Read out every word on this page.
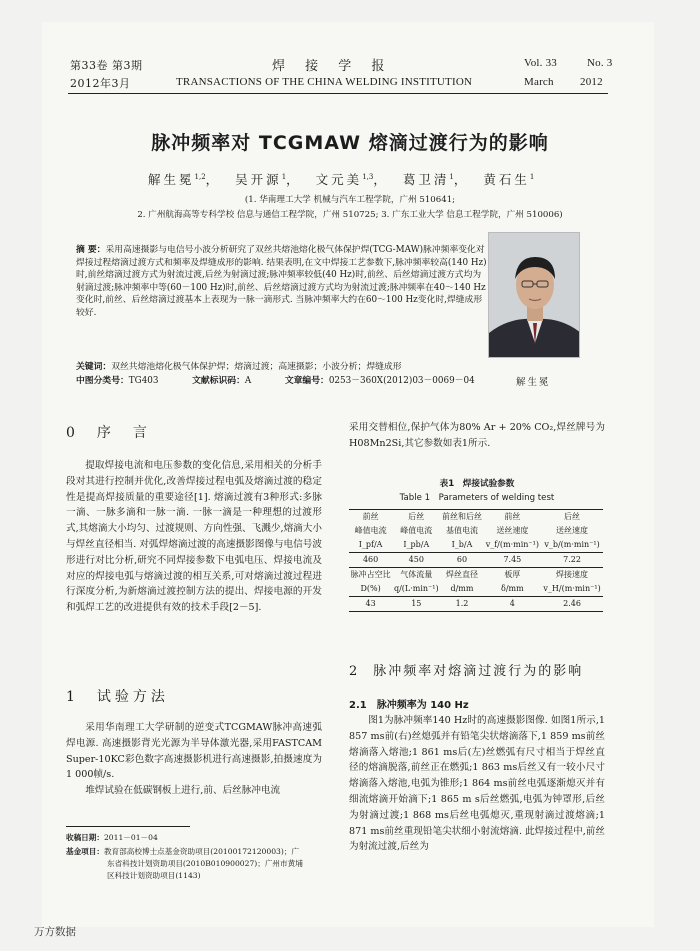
第33卷 第3期
2012年3月
焊 接 学 报
TRANSACTIONS OF THE CHINA WELDING INSTITUTION
Vol. 33	No. 3
March 2012
脉冲频率对 TCGMAW 熔滴过渡行为的影响
解生冕$^{1,2}$， 吴开源$^1$， 文元美$^{1,3}$， 葛卫清$^1$， 黄石生$^1$
(1. 华南理工大学 机械与汽车工程学院，广州 510641;
2. 广州航海高等专科学校 信息与通信工程学院，广州 510725; 3. 广东工业大学 信息工程学院，广州 510006)
摘 要：采用高速摄影与电信号小波分析研究了双丝共熔池熔化极气体保护焊(TCG-MAW)脉冲频率变化对焊接过程熔滴过渡方式和频率及焊缝成形的影响. 结果表明,在文中焊接工艺参数下,脉冲频率较高(140 Hz)时,前丝熔滴过渡方式为射流过渡,后丝为射滴过渡;脉冲频率较低(40 Hz)时,前丝、后丝熔滴过渡方式均为射滴过渡;脉冲频率中等(60－100 Hz)时,前丝、后丝熔滴过渡方式均为射流过渡;脉冲频率在40～140 Hz变化时,前丝、后丝熔滴过渡基本上表现为一脉一滴形式. 当脉冲频率大约在60～100 Hz变化时,焊缝成形较好.
关键词：双丝共熔池熔化极气体保护焊；熔滴过渡；高速摄影；小波分析；焊缝成形
中图分类号：TG403	文献标识码：A	文章编号：0253－360X(2012)03－0069－04	解生冕
0 序　言

提取焊接电流和电压参数的变化信息,采用相关的分析手段对其进行控制并优化,改善焊接过程电弧及熔滴过渡的稳定性是提高焊接质量的重要途径[1]. 熔滴过渡有3种形式:多脉一滴、一脉多滴和一脉一滴. 一脉一滴是一种理想的过渡形式,其熔滴大小均匀、过渡规则、方向性强、飞溅少,熔滴大小与焊丝直径相当. 对弧焊熔滴过渡的高速摄影图像与电信号波形进行对比分析,研究不同焊接参数下电弧电压、焊接电流及对应的焊接电弧与熔滴过渡的相互关系,可对熔滴过渡过程进行深度分析,为新熔滴过渡控制方法的提出、焊接电源的开发和弧焊工艺的改进提供有效的技术手段[2－5].

1 试验方法

采用华南理工大学研制的逆变式TCGMAW脉冲高速弧焊电源. 高速摄影背光光源为半导体激光器,采用FASTCAM Super-10KC彩色数字高速摄影机进行高速摄影,拍摄速度为1 000帧/s.

堆焊试验在低碳钢板上进行,前、后丝脉冲电流

收稿日期：2011－01－04
基金项目：教育部高校博士点基金资助项目(20100172120003)；广
东省科技计划资助项目(2010B010900027)；广州市黄埔
区科技计划资助项目(1143)

采用交替相位,保护气体为80% Ar + 20% CO₂,焊丝牌号为H08Mn2Si,其它参数如表1所示.

表1　焊接试验参数
Table 1　Parameters of welding test
前丝	后丝	前丝和后丝	前丝	后丝
峰值电流	峰值电流	基值电流	送丝速度	送丝速度
I_pf/A	I_pb/A	I_b/A	v_f/(m·min⁻¹)	v_b/(m·min⁻¹)
460	450	60	7.45	7.22
脉冲占空比	气体流量	焊丝直径	板厚	焊接速度
D(%)	q/(L·min⁻¹)	d/mm	δ/mm	v_H/(m·min⁻¹)
43	15	1.2	4	2.46
2 脉冲频率对熔滴过渡行为的影响
2.1　脉冲频率为 140 Hz

图1为脉冲频率140 Hz时的高速摄影图像. 如图1所示,1 857 ms前(右)丝熄弧并有铅笔尖状熔滴落下,1 859 ms前丝熔滴落入熔池;1 861 ms后(左)丝燃弧有尺寸相当于焊丝直径的熔滴脱落,前丝正在燃弧;1 863 ms后丝又有一较小尺寸熔滴落入熔池,电弧为锥形;1 864 ms前丝电弧逐渐熄灭并有细流熔滴开始滴下;1 865 m s后丝燃弧,电弧为钟罩形,后丝为射滴过渡;1 868 ms后丝电弧熄灭,重现射滴过渡熔滴;1 871 ms前丝重现铅笔尖状细小射流熔滴. 此焊接过程中,前丝为射流过渡,后丝为

万方数据
